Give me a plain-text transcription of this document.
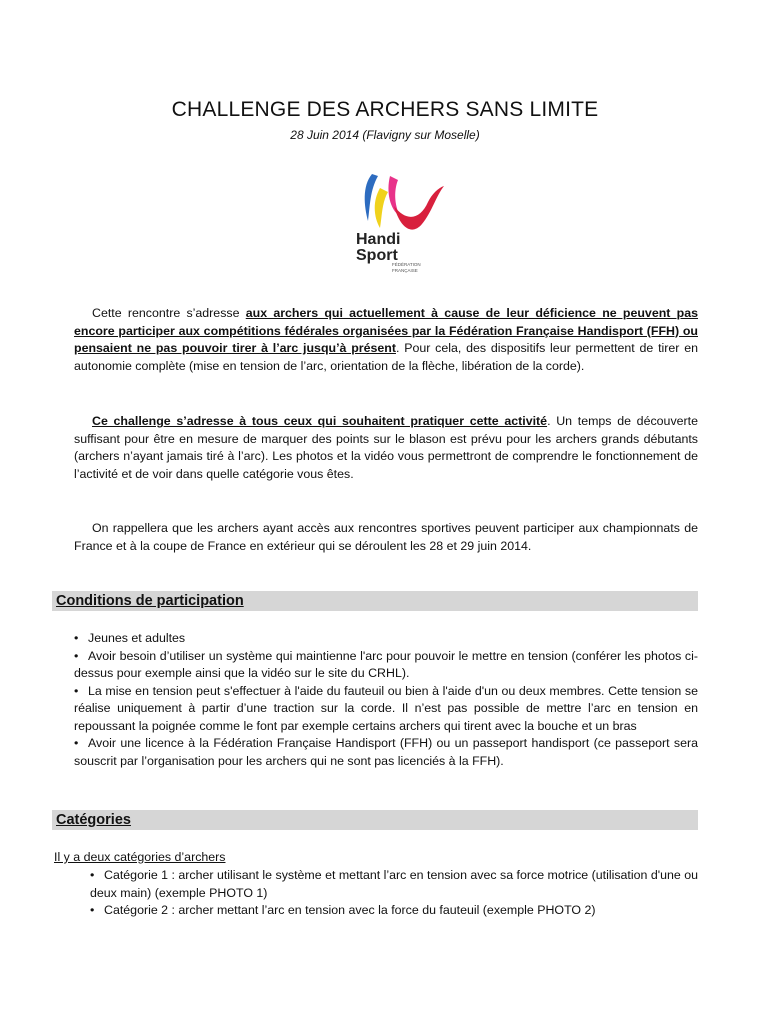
CHALLENGE DES ARCHERS SANS LIMITE
28 Juin 2014 (Flavigny sur Moselle)
Handi
Sport
FÉDÉRATION
FRANÇAISE

Cette rencontre s’adresse aux archers qui actuellement à cause de leur déficience ne peuvent pas encore participer aux compétitions fédérales organisées par la Fédération Française Handisport (FFH) ou pensaient ne pas pouvoir tirer à l’arc jusqu’à présent. Pour cela, des dispositifs leur permettent de tirer en autonomie complète (mise en tension de l’arc, orientation de la flèche, libération de la corde).

Ce challenge s’adresse à tous ceux qui souhaitent pratiquer cette activité. Un temps de découverte suffisant pour être en mesure de marquer des points sur le blason est prévu pour les archers grands débutants (archers n’ayant jamais tiré à l’arc). Les photos et la vidéo vous permettront de comprendre le fonctionnement de l’activité et de voir dans quelle catégorie vous êtes.

On rappellera que les archers ayant accès aux rencontres sportives peuvent participer aux championnats de France et à la coupe de France en extérieur qui se déroulent les 28 et 29 juin 2014.

Conditions de participation
• Jeunes et adultes
• Avoir besoin d’utiliser un système qui maintienne l'arc pour pouvoir le mettre en tension (conférer les photos ci-dessus pour exemple ainsi que la vidéo sur le site du CRHL).
• La mise en tension peut s'effectuer à l'aide du fauteuil ou bien à l'aide d'un ou deux membres. Cette tension se réalise uniquement à partir d’une traction sur la corde. Il n’est pas possible de mettre l’arc en tension en repoussant la poignée comme le font par exemple certains archers qui tirent avec la bouche et un bras
• Avoir une licence à la Fédération Française Handisport (FFH) ou un passeport handisport (ce passeport sera souscrit par l’organisation pour les archers qui ne sont pas licenciés à la FFH).
Catégories
Il y a deux catégories d’archers
• Catégorie 1 : archer utilisant le système et mettant l’arc en tension avec sa force motrice (utilisation d'une ou deux main) (exemple PHOTO 1)
• Catégorie 2 : archer mettant l’arc en tension avec la force du fauteuil (exemple PHOTO 2)
